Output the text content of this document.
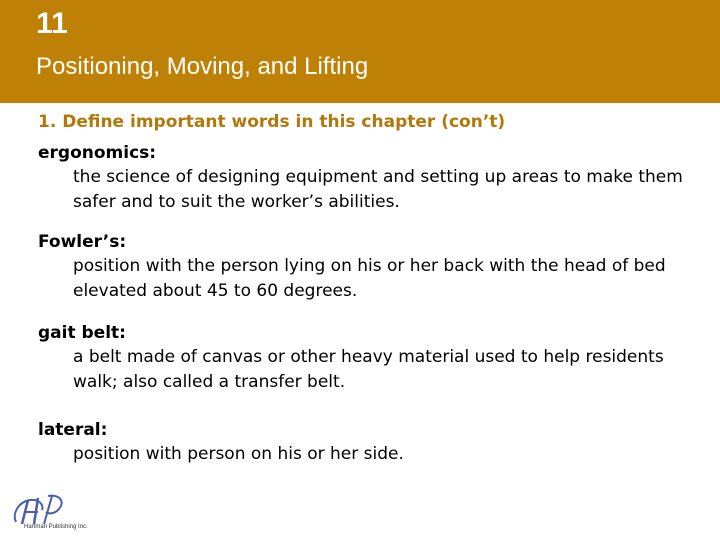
11
Positioning, Moving, and Lifting
1. Define important words in this chapter (con’t)
ergonomics:
the science of designing equipment and setting up areas to make them safer and to suit the worker’s abilities.
Fowler’s:
position with the person lying on his or her back with the head of bed elevated about 45 to 60 degrees.
gait belt:
a belt made of canvas or other heavy material used to help residents walk; also called a transfer belt.
lateral:
position with person on his or her side.
Hartman Publishing Inc.
